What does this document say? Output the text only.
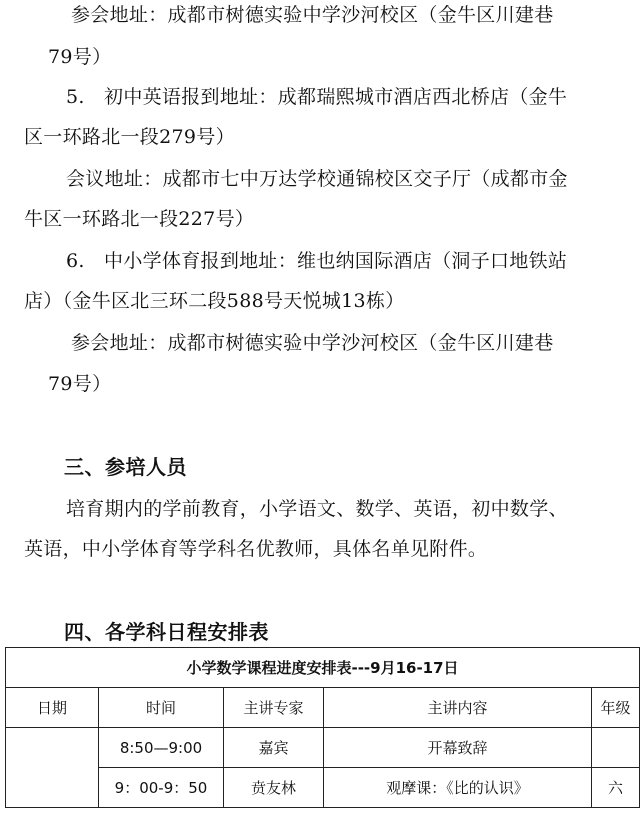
参会地址：成都市树德实验中学沙河校区（金牛区川建巷
79号）
5.　初中英语报到地址：成都瑞熙城市酒店西北桥店（金牛
区一环路北一段279号）
会议地址：成都市七中万达学校通锦校区交子厅（成都市金
牛区一环路北一段227号）
6.　中小学体育报到地址：维也纳国际酒店（洞子口地铁站
店）（金牛区北三环二段588号天悦城13栋）
参会地址：成都市树德实验中学沙河校区（金牛区川建巷
79号）
三、参培人员
培育期内的学前教育，小学语文、数学、英语，初中数学、
英语，中小学体育等学科名优教师，具体名单见附件。
四、各学科日程安排表
小学数学课程进度安排表---9月16-17日				
日期	时间	主讲专家	主讲内容	年级
	8:50—9:00	嘉宾	开幕致辞	
	9：00-9：50	贲友林	观摩课：《比的认识》	六
